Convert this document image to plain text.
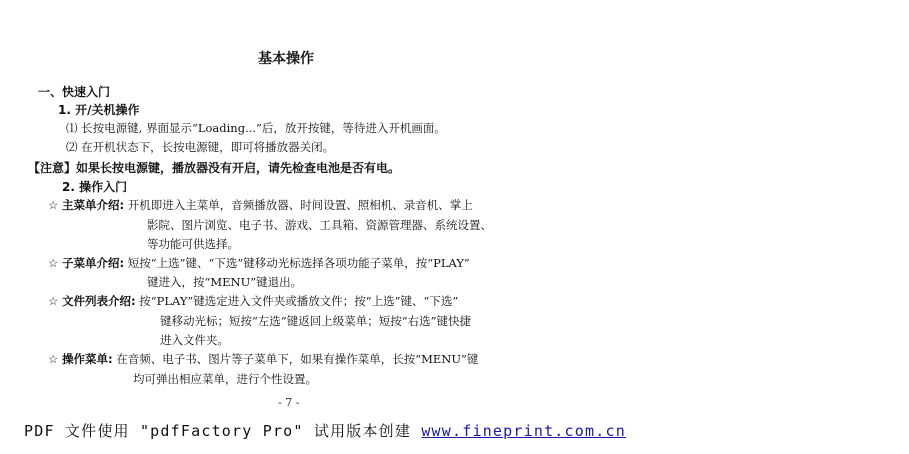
基本操作
一、快速入门
1. 开/关机操作
⑴ 长按电源键, 界面显示“Loading...”后，放开按键，等待进入开机画面。
⑵ 在开机状态下，长按电源键，即可将播放器关闭。
【注意】如果长按电源键，播放器没有开启，请先检查电池是否有电。
2. 操作入门
☆ 主菜单介绍: 开机即进入主菜单，音频播放器、时间设置、照相机、录音机、掌上
影院、图片浏览、电子书、游戏、工具箱、资源管理器、系统设置、
等功能可供选择。
☆ 子菜单介绍: 短按“上选”键、“下选”键移动光标选择各项功能子菜单，按“PLAY”
键进入，按“MENU”键退出。
☆ 文件列表介绍: 按“PLAY”键选定进入文件夹或播放文件；按“上选”键、“下选”
键移动光标；短按“左选”键返回上级菜单；短按“右选”键快捷
进入文件夹。
☆ 操作菜单: 在音频、电子书、图片等子菜单下，如果有操作菜单，长按“MENU”键
均可弹出相应菜单，进行个性设置。
- 7 -
PDF 文件使用 "pdfFactory Pro" 试用版本创建 www.fineprint.com.cn
